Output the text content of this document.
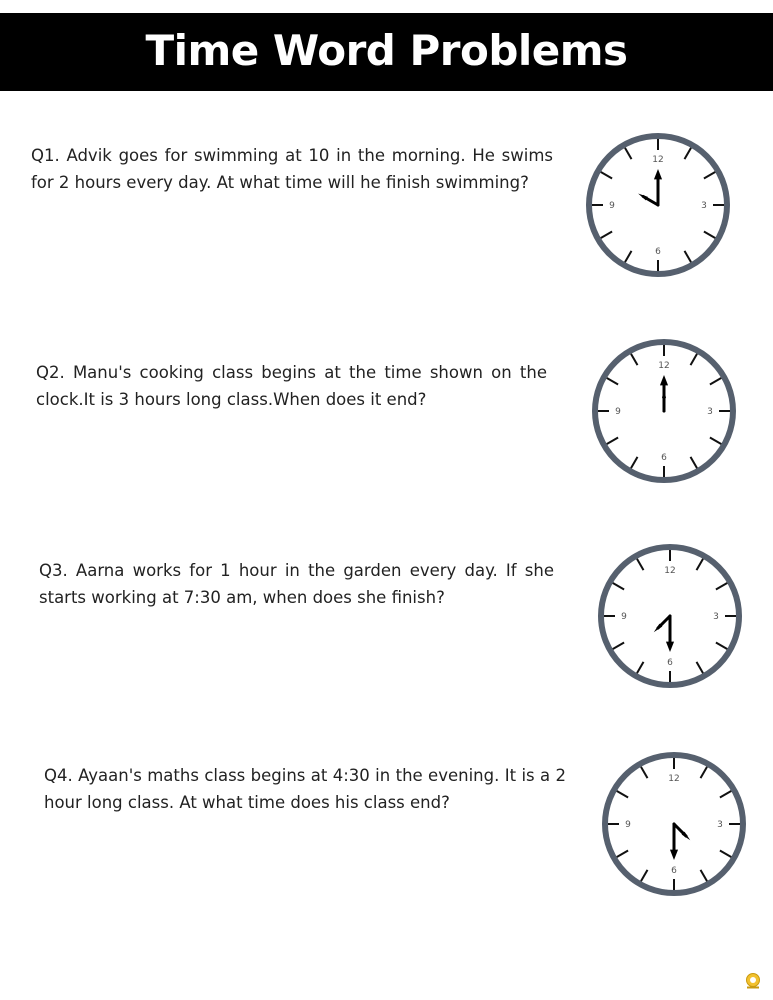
Time Word Problems
Q1. Advik goes for swimming at 10 in the morning. He swims for 2 hours every day. At what time will he finish swimming?
Q2. Manu's cooking class begins at the time shown on the clock.It is 3 hours long class.When does it end?
Q3. Aarna works for 1 hour in the garden every day. If she starts working at 7:30 am, when does she finish?
Q4. Ayaan's maths class begins at 4:30 in the evening. It is a 2 hour long class. At what time does his class end?
12
3
6
9
12
3
6
9
12
3
6
9
12
3
6
9
